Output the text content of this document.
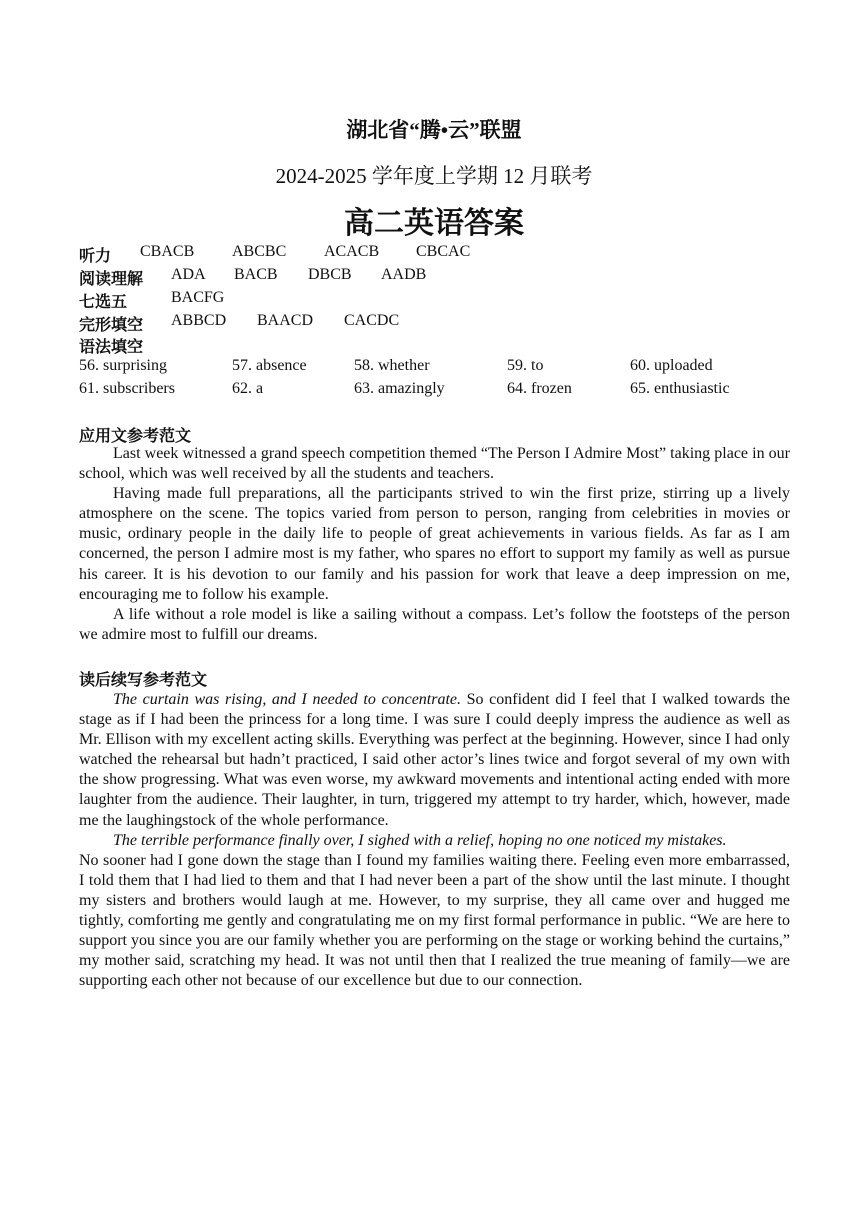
湖北省“腾•云”联盟
2024-2025 学年度上学期 12 月联考
高二英语答案
听力 CBACB ABCBC ACACB CBCAC
阅读理解 ADA BACB DBCB AADB
七选五	BACFG
完形填空 ABBCD BAACD CACDC
语法填空
56. surprising	57. absence	58. whether	59. to	60. uploaded
61. subscribers	62. a	63. amazingly	64. frozen	65. enthusiastic
应用文参考范文

Last week witnessed a grand speech competition themed “The Person I Admire Most” taking place in our school, which was well received by all the students and teachers.

Having made full preparations, all the participants strived to win the first prize, stirring up a lively atmosphere on the scene. The topics varied from person to person, ranging from celebrities in movies or music, ordinary people in the daily life to people of great achievements in various fields. As far as I am concerned, the person I admire most is my father, who spares no effort to support my family as well as pursue his career. It is his devotion to our family and his passion for work that leave a deep impression on me, encouraging me to follow his example.

A life without a role model is like a sailing without a compass. Let’s follow the footsteps of the person we admire most to fulfill our dreams.

读后续写参考范文

The curtain was rising, and I needed to concentrate. So confident did I feel that I walked towards the stage as if I had been the princess for a long time. I was sure I could deeply impress the audience as well as Mr. Ellison with my excellent acting skills. Everything was perfect at the beginning. However, since I had only watched the rehearsal but hadn’t practiced, I said other actor’s lines twice and forgot several of my own with the show progressing. What was even worse, my awkward movements and intentional acting ended with more laughter from the audience. Their laughter, in turn, triggered my attempt to try harder, which, however, made me the laughingstock of the whole performance.

The terrible performance finally over, I sighed with a relief, hoping no one noticed my mistakes.

No sooner had I gone down the stage than I found my families waiting there. Feeling even more embarrassed, I told them that I had lied to them and that I had never been a part of the show until the last minute. I thought my sisters and brothers would laugh at me. However, to my surprise, they all came over and hugged me tightly, comforting me gently and congratulating me on my first formal performance in public. “We are here to support you since you are our family whether you are performing on the stage or working behind the curtains,” my mother said, scratching my head. It was not until then that I realized the true meaning of family—we are supporting each other not because of our excellence but due to our connection.
